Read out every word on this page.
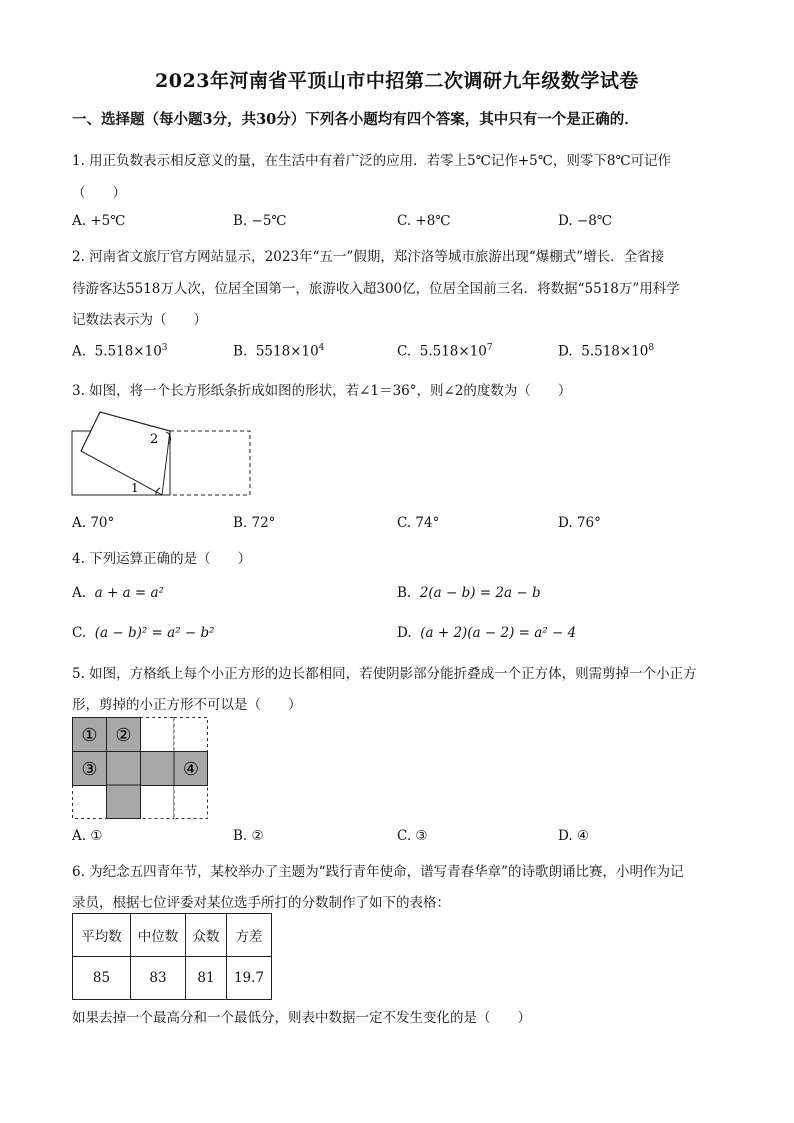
2023年河南省平顶山市中招第二次调研九年级数学试卷
一、选择题（每小题3分，共30分）下列各小题均有四个答案，其中只有一个是正确的．
1. 用正负数表示相反意义的量，在生活中有着广泛的应用．若零上5℃记作+5℃，则零下8℃可记作
（　　）
A. +5℃	B. −5℃	C. +8℃	D. −8℃
2. 河南省文旅厅官方网站显示，2023年“五一”假期，郑汴洛等城市旅游出现“爆棚式”增长．全省接
待游客达5518万人次，位居全国第一，旅游收入超300亿，位居全国前三名．将数据“5518万”用科学
记数法表示为（　　）
A. $5.518\times 10^3$	B. $5518\times 10^4$	C. $5.518\times 10^7$	D. $5.518\times 10^8$
3. 如图，将一个长方形纸条折成如图的形状，若∠1＝36°，则∠2的度数为（　　）
1
2
A. 70°	B. 72°	C. 74°	D. 76°
4. 下列运算正确的是（　　）
A. a + a = a²	B. 2(a − b) = 2a − b
C. (a − b)² = a² − b²	D. (a + 2)(a − 2) = a² − 4
5. 如图，方格纸上每个小正方形的边长都相同，若使阴影部分能折叠成一个正方体，则需剪掉一个小正方
形，剪掉的小正方形不可以是（　　）
① ②
③	④
A. ①	B. ②	C. ③	D. ④
6. 为纪念五四青年节，某校举办了主题为“践行青年使命，谱写青春华章”的诗歌朗诵比赛，小明作为记
录员，根据七位评委对某位选手所打的分数制作了如下的表格：
平均数	中位数	众数	方差
85	83	81	19.7
如果去掉一个最高分和一个最低分，则表中数据一定不发生变化的是（　　）
